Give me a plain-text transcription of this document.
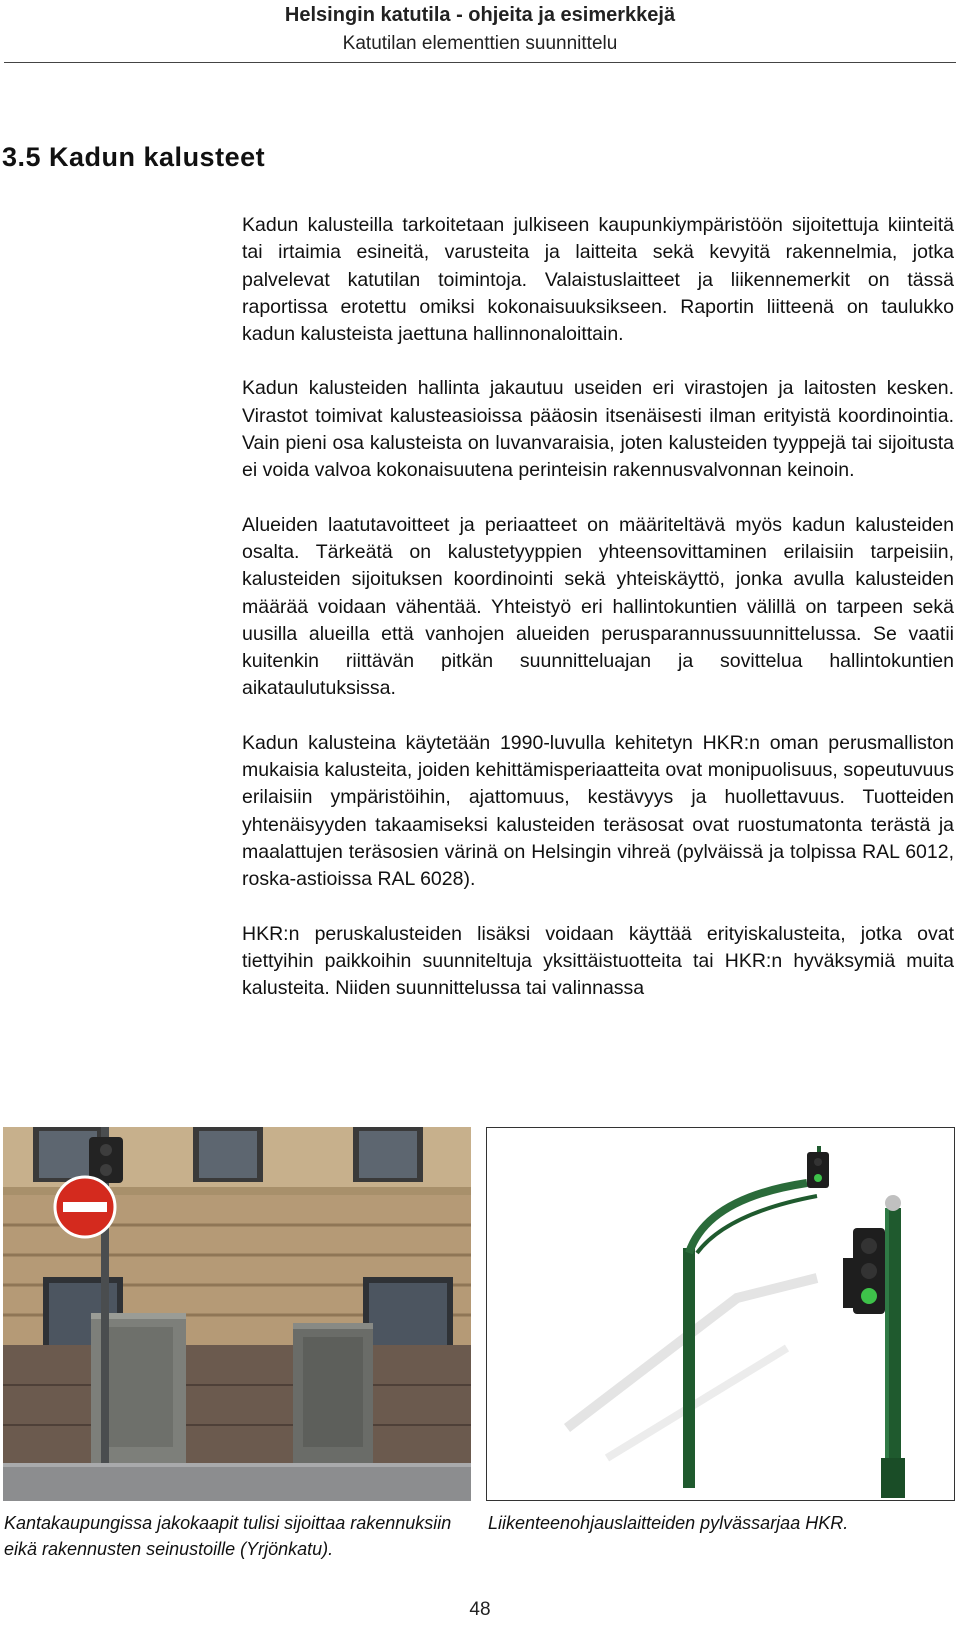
Helsingin katutila - ohjeita ja esimerkkejä
Katutilan elementtien suunnittelu
3.5 Kadun kalusteet

Kadun kalusteilla tarkoitetaan julkiseen kaupunkiympäristöön sijoitettuja kiinteitä tai irtaimia esineitä, varusteita ja laitteita sekä kevyitä rakennelmia, jotka palvelevat katutilan toimintoja. Valaistuslaitteet ja liikennemerkit on tässä raportissa erotettu omiksi kokonaisuuksikseen. Raportin liitteenä on taulukko kadun kalusteista jaettuna hallinnonaloittain.

Kadun kalusteiden hallinta jakautuu useiden eri virastojen ja laitosten kesken. Virastot toimivat kalusteasioissa pääosin itsenäisesti ilman erityistä koordinointia. Vain pieni osa kalusteista on luvanvaraisia, joten kalusteiden tyyppejä tai sijoitusta ei voida valvoa kokonaisuutena perinteisin rakennusvalvonnan keinoin.

Alueiden laatutavoitteet ja periaatteet on määriteltävä myös kadun kalusteiden osalta. Tärkeätä on kalustetyyppien yhteensovittaminen erilaisiin tarpeisiin, kalusteiden sijoituksen koordinointi sekä yhteiskäyttö, jonka avulla kalusteiden määrää voidaan vähentää. Yhteistyö eri hallintokuntien välillä on tarpeen sekä uusilla alueilla että vanhojen alueiden perusparannussuunnittelussa. Se vaatii kuitenkin riittävän pitkän suunnitteluajan ja sovittelua hallintokuntien aikataulutuksissa.

Kadun kalusteina käytetään 1990-luvulla kehitetyn HKR:n oman perusmalliston mukaisia kalusteita, joiden kehittämisperiaatteita ovat monipuolisuus, sopeutuvuus erilaisiin ympäristöihin, ajattomuus, kestävyys ja huollettavuus. Tuotteiden yhtenäisyyden takaamiseksi kalusteiden teräsosat ovat ruostumatonta terästä ja maalattujen teräsosien värinä on Helsingin vihreä (pylväissä ja tolpissa RAL 6012, roska-astioissa RAL 6028).

HKR:n peruskalusteiden lisäksi voidaan käyttää erityiskalusteita, jotka ovat tiettyihin paikkoihin suunniteltuja yksittäistuotteita tai HKR:n hyväksymiä muita kalusteita. Niiden suunnittelussa tai valinnassa

Kantakaupungissa jakokaapit tulisi sijoittaa rakennuksiin eikä rakennusten seinustoille (Yrjönkatu).
Liikenteenohjauslaitteiden pylvässarjaa HKR.
48
